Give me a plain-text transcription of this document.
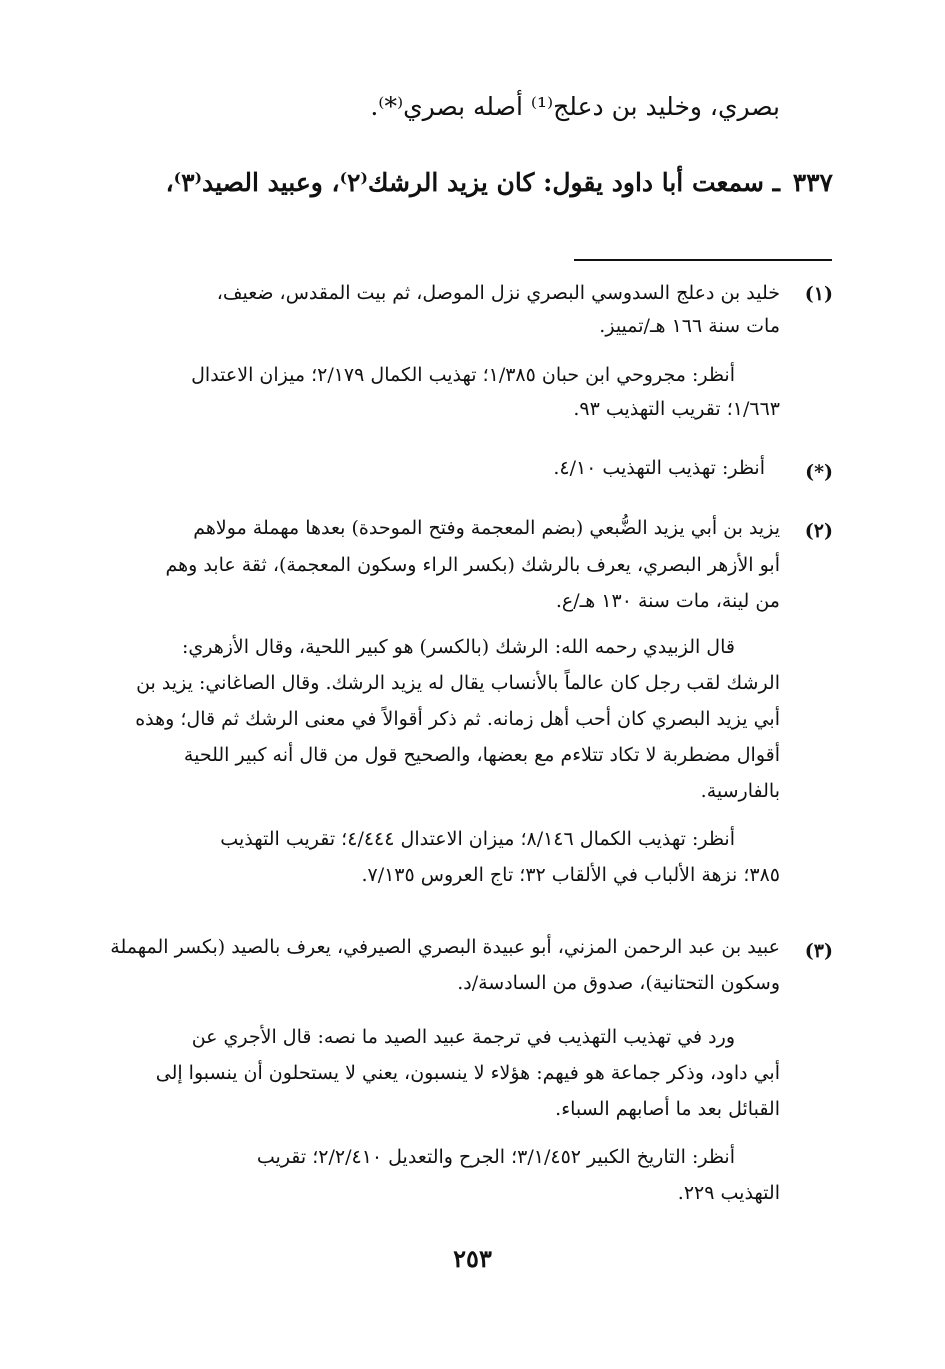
بصري، وخليد بن دعلج⁽¹⁾ أصله بصري⁽*⁾.
ـ سمعت أبا داود يقول: كان يزيد الرشك⁽٢⁾، وعبيد الصيد⁽٣⁾، ٣٣٧
(١)
خليد بن دعلج السدوسي البصري نزل الموصل، ثم بيت المقدس، ضعيف،
مات سنة ١٦٦ هـ/تمييز.
أنظر: مجروحي ابن حبان ١/٣٨٥؛ تهذيب الكمال ٢/١٧٩؛ ميزان الاعتدال
١/٦٦٣؛ تقريب التهذيب ٩٣.
(*)
أنظر: تهذيب التهذيب ٤/١٠.
(٢)
يزيد بن أبي يزيد الضُّبعي (بضم المعجمة وفتح الموحدة) بعدها مهملة مولاهم
أبو الأزهر البصري، يعرف بالرشك (بكسر الراء وسكون المعجمة)، ثقة عابد وهم
من لينة، مات سنة ١٣٠ هـ/ع.
قال الزبيدي رحمه الله: الرشك (بالكسر) هو كبير اللحية، وقال الأزهري:
الرشك لقب رجل كان عالماً بالأنساب يقال له يزيد الرشك. وقال الصاغاني: يزيد بن
أبي يزيد البصري كان أحب أهل زمانه. ثم ذكر أقوالاً في معنى الرشك ثم قال؛ وهذه
أقوال مضطربة لا تكاد تتلاءم مع بعضها، والصحيح قول من قال أنه كبير اللحية
بالفارسية.
أنظر: تهذيب الكمال ٨/١٤٦؛ ميزان الاعتدال ٤/٤٤٤؛ تقريب التهذيب
٣٨٥؛ نزهة الألباب في الألقاب ٣٢؛ تاج العروس ٧/١٣٥.
(٣)
عبيد بن عبد الرحمن المزني، أبو عبيدة البصري الصيرفي، يعرف بالصيد (بكسر المهملة
وسكون التحتانية)، صدوق من السادسة/د.
ورد في تهذيب التهذيب في ترجمة عبيد الصيد ما نصه: قال الأجري عن
أبي داود، وذكر جماعة هو فيهم: هؤلاء لا ينسبون، يعني لا يستحلون أن ينسبوا إلى
القبائل بعد ما أصابهم السباء.
أنظر: التاريخ الكبير ٣/١/٤٥٢؛ الجرح والتعديل ٢/٢/٤١٠؛ تقريب
التهذيب ٢٢٩.
٢٥٣
